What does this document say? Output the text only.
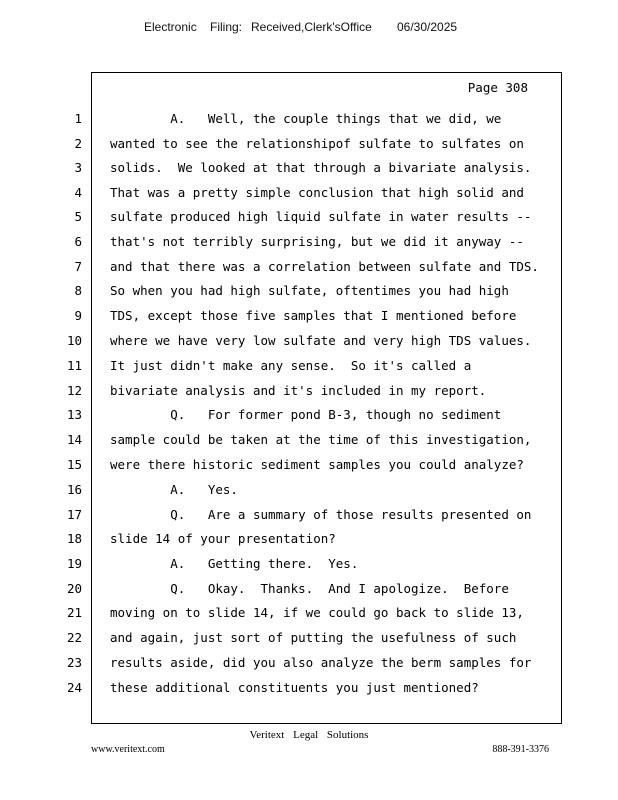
Electronic Filing: Received,Clerk'sOffice 06/30/2025
Page 308
1 A.   Well, the couple things that we did, we
2 wanted to see the relationshipof sulfate to sulfates on
3 solids.  We looked at that through a bivariate analysis.
4 That was a pretty simple conclusion that high solid and
5 sulfate produced high liquid sulfate in water results --
6 that's not terribly surprising, but we did it anyway --
7 and that there was a correlation between sulfate and TDS.
8 So when you had high sulfate, oftentimes you had high
9 TDS, except those five samples that I mentioned before
10 where we have very low sulfate and very high TDS values.
11 It just didn't make any sense.  So it's called a
12 bivariate analysis and it's included in my report.
13 Q.   For former pond B-3, though no sediment
14 sample could be taken at the time of this investigation,
15 were there historic sediment samples you could analyze?
16 A.   Yes.
17 Q.   Are a summary of those results presented on
18 slide 14 of your presentation?
19 A.   Getting there.  Yes.
20 Q.   Okay.  Thanks.  And I apologize.  Before
21 moving on to slide 14, if we could go back to slide 13,
22 and again, just sort of putting the usefulness of such
23 results aside, did you also analyze the berm samples for
24 these additional constituents you just mentioned?
Veritext Legal Solutions
www.veritext.com	888-391-3376
